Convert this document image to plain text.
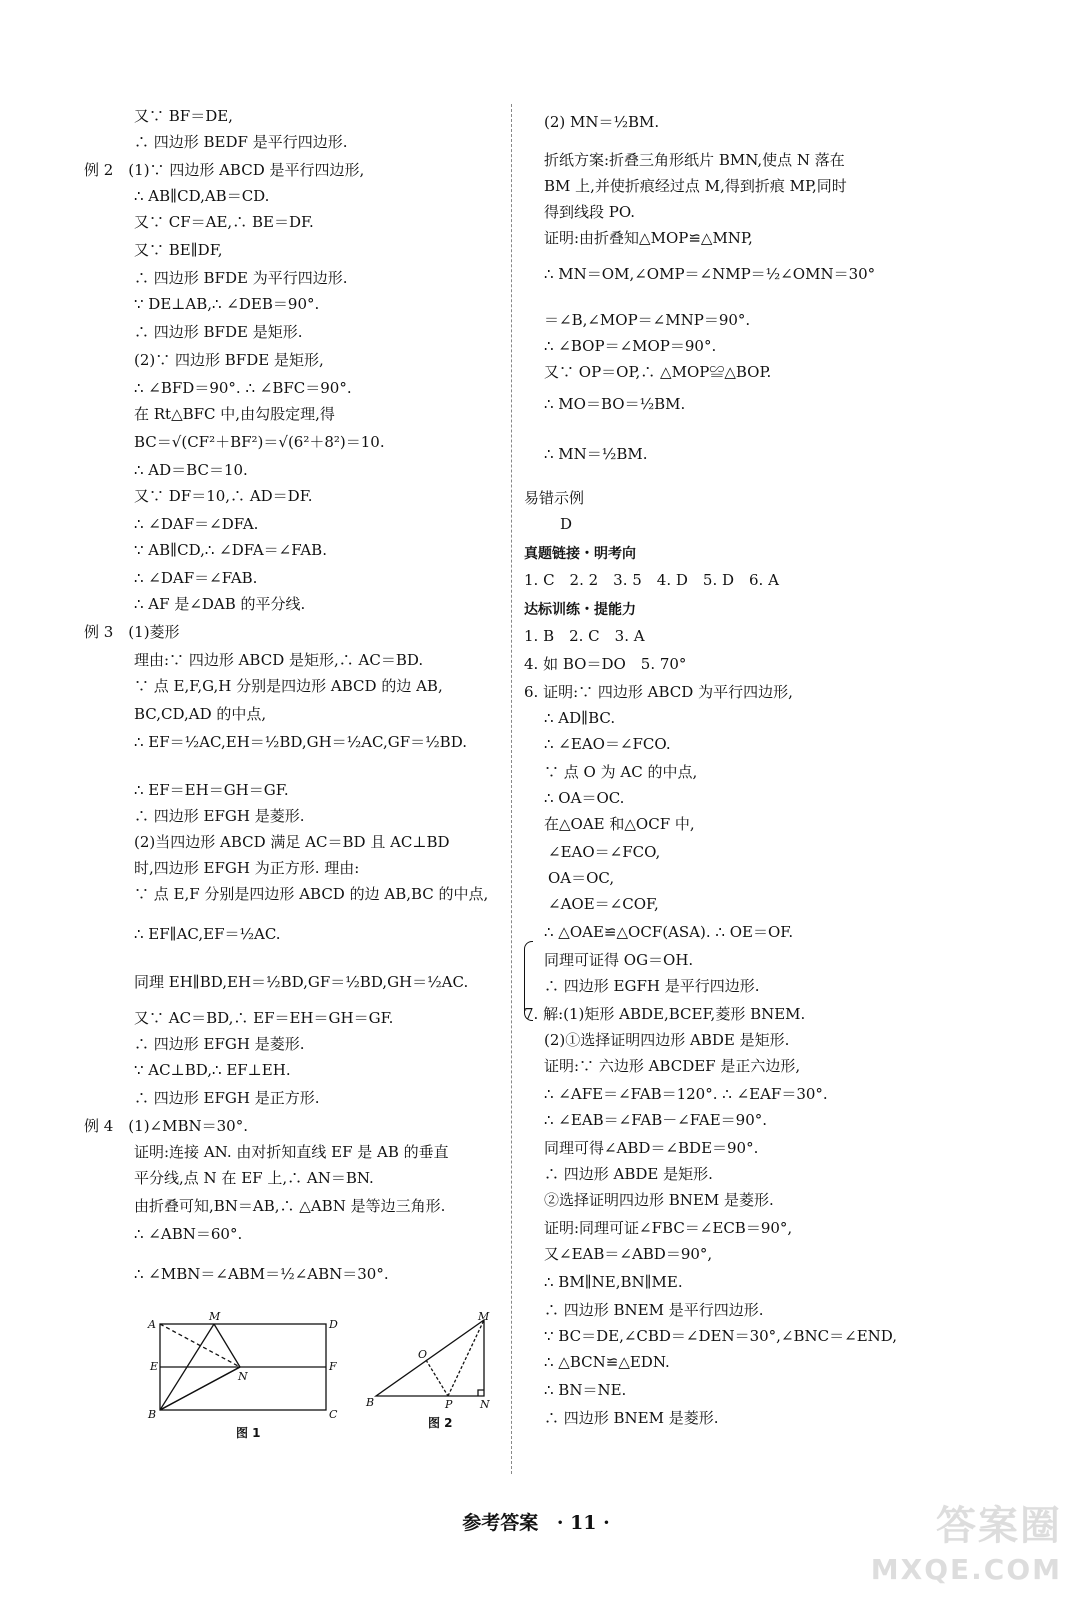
又∵ BF＝DE,
∴ 四边形 BEDF 是平行四边形.
例 2　(1)∵ 四边形 ABCD 是平行四边形,
∴ AB∥CD,AB＝CD.
又∵ CF＝AE,∴ BE＝DF.
又∵ BE∥DF,
∴ 四边形 BFDE 为平行四边形.
∵ DE⊥AB,∴ ∠DEB＝90°.
∴ 四边形 BFDE 是矩形.
(2)∵ 四边形 BFDE 是矩形,
∴ ∠BFD＝90°. ∴ ∠BFC＝90°.
在 Rt△BFC 中,由勾股定理,得
BC＝√(CF²＋BF²)＝√(6²＋8²)＝10.
∴ AD＝BC＝10.
又∵ DF＝10,∴ AD＝DF.
∴ ∠DAF＝∠DFA.
∵ AB∥CD,∴ ∠DFA＝∠FAB.
∴ ∠DAF＝∠FAB.
∴ AF 是∠DAB 的平分线.
例 3　(1)菱形
理由:∵ 四边形 ABCD 是矩形,∴ AC＝BD.
∵ 点 E,F,G,H 分别是四边形 ABCD 的边 AB,
BC,CD,AD 的中点,
∴ EF＝½AC,EH＝½BD,GH＝½AC,GF＝½BD.
∴ EF＝EH＝GH＝GF.
∴ 四边形 EFGH 是菱形.
(2)当四边形 ABCD 满足 AC＝BD 且 AC⊥BD
时,四边形 EFGH 为正方形. 理由:
∵ 点 E,F 分别是四边形 ABCD 的边 AB,BC 的中点,
∴ EF∥AC,EF＝½AC.
同理 EH∥BD,EH＝½BD,GF＝½BD,GH＝½AC.
又∵ AC＝BD,∴ EF＝EH＝GH＝GF.
∴ 四边形 EFGH 是菱形.
∵ AC⊥BD,∴ EF⊥EH.
∴ 四边形 EFGH 是正方形.
例 4　(1)∠MBN＝30°.
证明:连接 AN. 由对折知直线 EF 是 AB 的垂直
平分线,点 N 在 EF 上,∴ AN＝BN.
由折叠可知,BN＝AB,∴ △ABN 是等边三角形.
∴ ∠ABN＝60°.
∴ ∠MBN＝∠ABM＝½∠ABN＝30°.
(2) MN＝½BM.
折纸方案:折叠三角形纸片 BMN,使点 N 落在
BM 上,并使折痕经过点 M,得到折痕 MP,同时
得到线段 PO.
证明:由折叠知△MOP≌△MNP,
∴ MN＝OM,∠OMP＝∠NMP＝½∠OMN＝30°
＝∠B,∠MOP＝∠MNP＝90°.
∴ ∠BOP＝∠MOP＝90°.
又∵ OP＝OP,∴ △MOP≌△BOP.
∴ MO＝BO＝½BM.
∴ MN＝½BM.
易错示例
D
真题链接・明考向
1. C　2. 2　3. 5　4. D　5. D　6. A
达标训练・提能力
1. B　2. C　3. A
4. 如 BO＝DO　5. 70°
6. 证明:∵ 四边形 ABCD 为平行四边形,
∴ AD∥BC.
∴ ∠EAO＝∠FCO.
∵ 点 O 为 AC 的中点,
∴ OA＝OC.
在△OAE 和△OCF 中,
∠EAO＝∠FCO,
OA＝OC,
∠AOE＝∠COF,
∴ △OAE≌△OCF(ASA). ∴ OE＝OF.
同理可证得 OG＝OH.
∴ 四边形 EGFH 是平行四边形.
7. 解:(1)矩形 ABDE,BCEF,菱形 BNEM.
(2)①选择证明四边形 ABDE 是矩形.
证明:∵ 六边形 ABCDEF 是正六边形,
∴ ∠AFE＝∠FAB＝120°. ∴ ∠EAF＝30°.
∴ ∠EAB＝∠FAB－∠FAE＝90°.
同理可得∠ABD＝∠BDE＝90°.
∴ 四边形 ABDE 是矩形.
②选择证明四边形 BNEM 是菱形.
证明:同理可证∠FBC＝∠ECB＝90°,
又∠EAB＝∠ABD＝90°,
∴ BM∥NE,BN∥ME.
∴ 四边形 BNEM 是平行四边形.
∵ BC＝DE,∠CBD＝∠DEN＝30°,∠BNC＝∠END,
∴ △BCN≌△EDN.
∴ BN＝NE.
∴ 四边形 BNEM 是菱形.
A
M
D
E	F
N
B	C
图 1
M
O
B	P	N
图 2
参考答案 · 11 ·	答案圈
MXQE.COM
